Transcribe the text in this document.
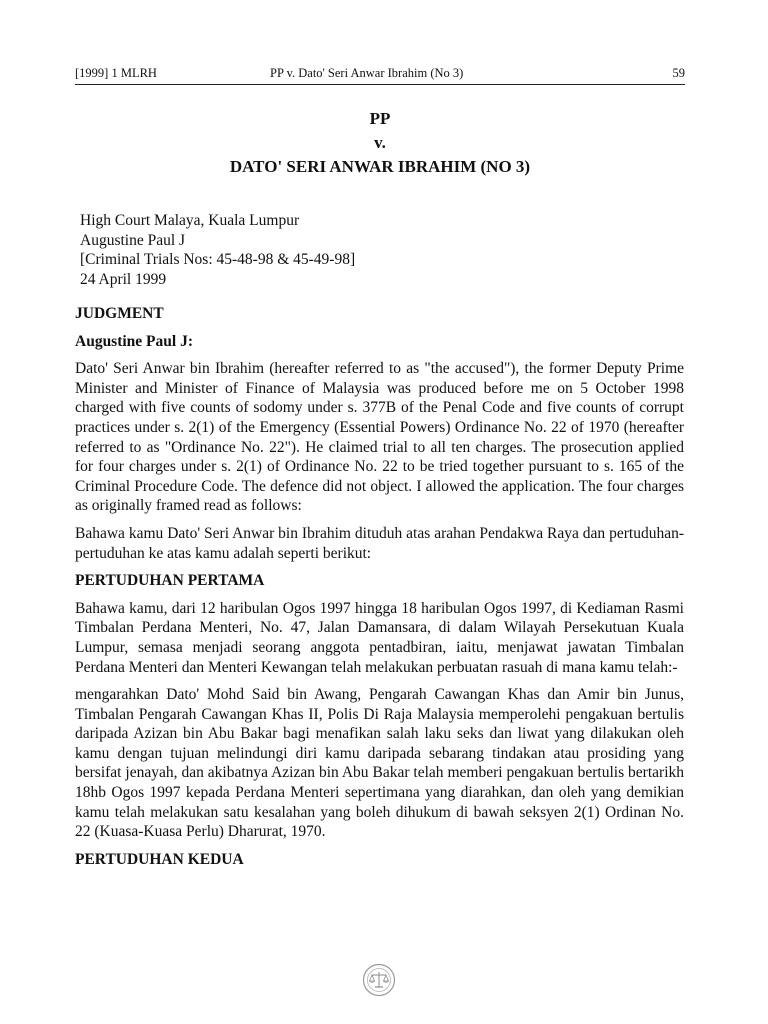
[1999] 1 MLRH	PP v. Dato' Seri Anwar Ibrahim (No 3)	59
PP
v.
DATO' SERI ANWAR IBRAHIM (NO 3)
High Court Malaya, Kuala Lumpur
Augustine Paul J
[Criminal Trials Nos: 45-48-98 & 45-49-98]
24 April 1999
JUDGMENT
Augustine Paul J:

Dato' Seri Anwar bin Ibrahim (hereafter referred to as "the accused"), the former Deputy Prime Minister and Minister of Finance of Malaysia was produced before me on 5 October 1998 charged with five counts of sodomy under s. 377B of the Penal Code and five counts of corrupt practices under s. 2(1) of the Emergency (Essential Powers) Ordinance No. 22 of 1970 (hereafter referred to as "Ordinance No. 22"). He claimed trial to all ten charges. The prosecution applied for four charges under s. 2(1) of Ordinance No. 22 to be tried together pursuant to s. 165 of the Criminal Procedure Code. The defence did not object. I allowed the application. The four charges as originally framed read as follows:

Bahawa kamu Dato' Seri Anwar bin Ibrahim dituduh atas arahan Pendakwa Raya dan pertuduhan-pertuduhan ke atas kamu adalah seperti berikut:

PERTUDUHAN PERTAMA

Bahawa kamu, dari 12 haribulan Ogos 1997 hingga 18 haribulan Ogos 1997, di Kediaman Rasmi Timbalan Perdana Menteri, No. 47, Jalan Damansara, di dalam Wilayah Persekutuan Kuala Lumpur, semasa menjadi seorang anggota pentadbiran, iaitu, menjawat jawatan Timbalan Perdana Menteri dan Menteri Kewangan telah melakukan perbuatan rasuah di mana kamu telah:-

mengarahkan Dato' Mohd Said bin Awang, Pengarah Cawangan Khas dan Amir bin Junus, Timbalan Pengarah Cawangan Khas II, Polis Di Raja Malaysia memperolehi pengakuan bertulis daripada Azizan bin Abu Bakar bagi menafikan salah laku seks dan liwat yang dilakukan oleh kamu dengan tujuan melindungi diri kamu daripada sebarang tindakan atau prosiding yang bersifat jenayah, dan akibatnya Azizan bin Abu Bakar telah memberi pengakuan bertulis bertarikh 18hb Ogos 1997 kepada Perdana Menteri sepertimana yang diarahkan, dan oleh yang demikian kamu telah melakukan satu kesalahan yang boleh dihukum di bawah seksyen 2(1) Ordinan No. 22 (Kuasa-Kuasa Perlu) Dharurat, 1970.

PERTUDUHAN KEDUA
